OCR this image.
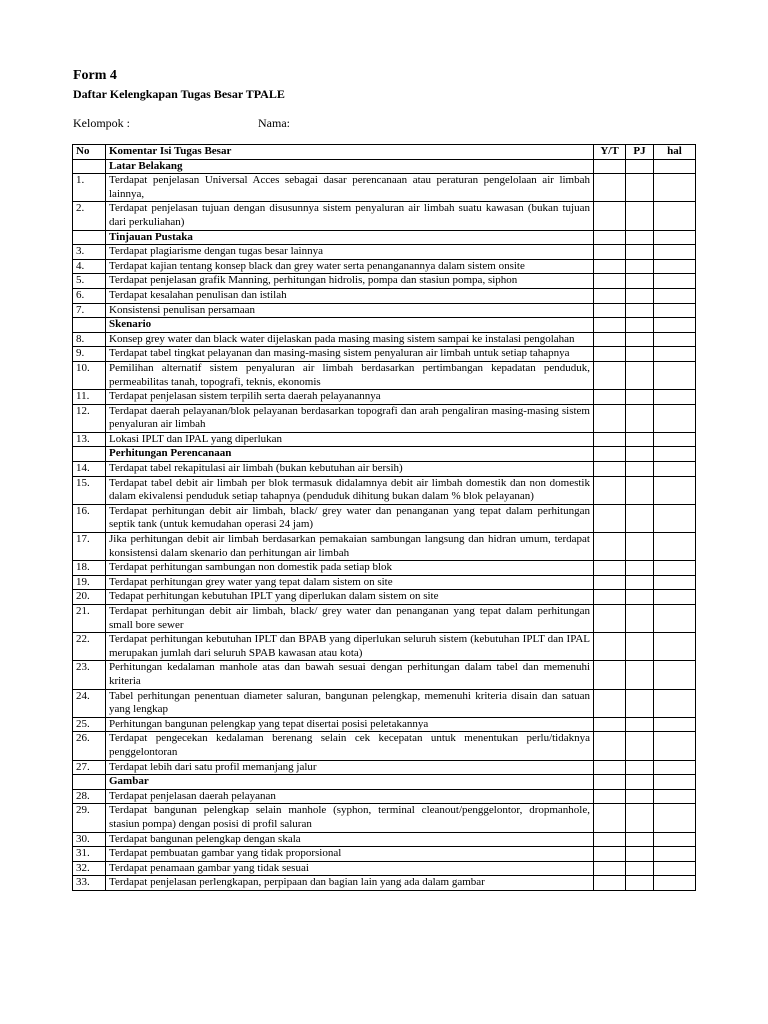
Form 4
Daftar Kelengkapan Tugas Besar TPALE
Kelompok :	Nama:
No	Komentar Isi Tugas Besar	Y/T	PJ	hal
	Latar Belakang			
1.	Terdapat penjelasan Universal Acces sebagai dasar perencanaan atau peraturan pengelolaan air limbah lainnya,			
2.	Terdapat penjelasan tujuan dengan disusunnya sistem penyaluran air limbah suatu kawasan (bukan tujuan dari perkuliahan)			
	Tinjauan Pustaka			
3.	Terdapat plagiarisme dengan tugas besar lainnya			
4.	Terdapat kajian tentang konsep black dan grey water serta penanganannya dalam sistem onsite			
5.	Terdapat penjelasan grafik Manning, perhitungan hidrolis, pompa dan stasiun pompa, siphon			
6.	Terdapat kesalahan penulisan dan istilah			
7.	Konsistensi penulisan persamaan			
	Skenario			
8.	Konsep grey water dan black water dijelaskan pada masing masing sistem sampai ke instalasi pengolahan			
9.	Terdapat tabel tingkat pelayanan dan masing-masing sistem penyaluran air limbah untuk setiap tahapnya			
10.	Pemilihan alternatif sistem penyaluran air limbah berdasarkan pertimbangan kepadatan penduduk, permeabilitas tanah, topografi, teknis, ekonomis			
11.	Terdapat penjelasan sistem terpilih serta daerah pelayanannya			
12.	Terdapat daerah pelayanan/blok pelayanan berdasarkan topografi dan arah pengaliran masing-masing sistem penyaluran air limbah			
13.	Lokasi IPLT dan IPAL yang diperlukan			
	Perhitungan Perencanaan			
14.	Terdapat tabel rekapitulasi air limbah (bukan kebutuhan air bersih)			
15.	Terdapat tabel debit air limbah per blok termasuk didalamnya debit air limbah domestik dan non domestik dalam ekivalensi penduduk setiap tahapnya (penduduk dihitung bukan dalam % blok pelayanan)			
16.	Terdapat perhitungan debit air limbah, black/ grey water dan penanganan yang tepat dalam perhitungan septik tank (untuk kemudahan operasi 24 jam)			
17.	Jika perhitungan debit air limbah berdasarkan pemakaian sambungan langsung dan hidran umum, terdapat konsistensi dalam skenario dan perhitungan air limbah			
18.	Terdapat perhitungan sambungan non domestik pada setiap blok			
19.	Terdapat perhitungan grey water yang tepat dalam sistem on site			
20.	Tedapat perhitungan kebutuhan IPLT yang diperlukan dalam sistem on site			
21.	Terdapat perhitungan debit air limbah, black/ grey water dan penanganan yang tepat dalam perhitungan small bore sewer			
22.	Terdapat perhitungan kebutuhan IPLT dan BPAB yang diperlukan seluruh sistem (kebutuhan IPLT dan IPAL merupakan jumlah dari seluruh SPAB kawasan atau kota)			
23.	Perhitungan kedalaman manhole atas dan bawah sesuai dengan perhitungan dalam tabel dan memenuhi kriteria			
24.	Tabel perhitungan penentuan diameter saluran, bangunan pelengkap, memenuhi kriteria disain dan satuan yang lengkap			
25.	Perhitungan bangunan pelengkap yang tepat disertai posisi peletakannya			
26.	Terdapat pengecekan kedalaman berenang selain cek kecepatan untuk menentukan perlu/tidaknya penggelontoran			
27.	Terdapat lebih dari satu profil memanjang jalur			
	Gambar			
28.	Terdapat penjelasan daerah pelayanan			
29.	Terdapat bangunan pelengkap selain manhole (syphon, terminal cleanout/penggelontor, dropmanhole, stasiun pompa) dengan posisi di profil saluran			
30.	Terdapat bangunan pelengkap dengan skala			
31.	Terdapat pembuatan gambar yang tidak proporsional			
32.	Terdapat penamaan gambar yang tidak sesuai			
33.	Terdapat penjelasan perlengkapan, perpipaan dan bagian lain yang ada dalam gambar			
